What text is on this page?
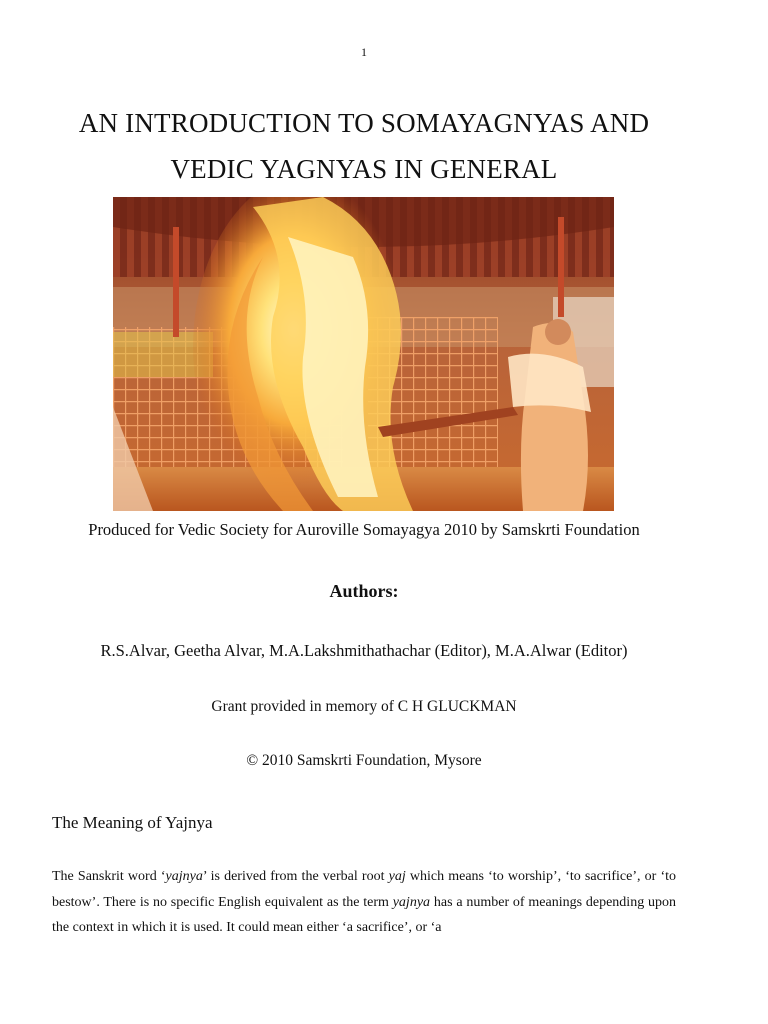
1
AN INTRODUCTION TO SOMAYAGNYAS AND
VEDIC YAGNYAS IN GENERAL
Produced for Vedic Society for Auroville Somayagya 2010 by Samskrti Foundation
Authors:
R.S.Alvar, Geetha Alvar, M.A.Lakshmithathachar (Editor), M.A.Alwar (Editor)
Grant provided in memory of C H GLUCKMAN
© 2010 Samskrti Foundation, Mysore
The Meaning of Yajnya

The Sanskrit word ‘yajnya’ is derived from the verbal root yaj which means ‘to worship’, ‘to sacrifice’, or ‘to bestow’. There is no specific English equivalent as the term yajnya has a number of meanings depending upon the context in which it is used. It could mean either ‘a sacrifice’, or ‘a
